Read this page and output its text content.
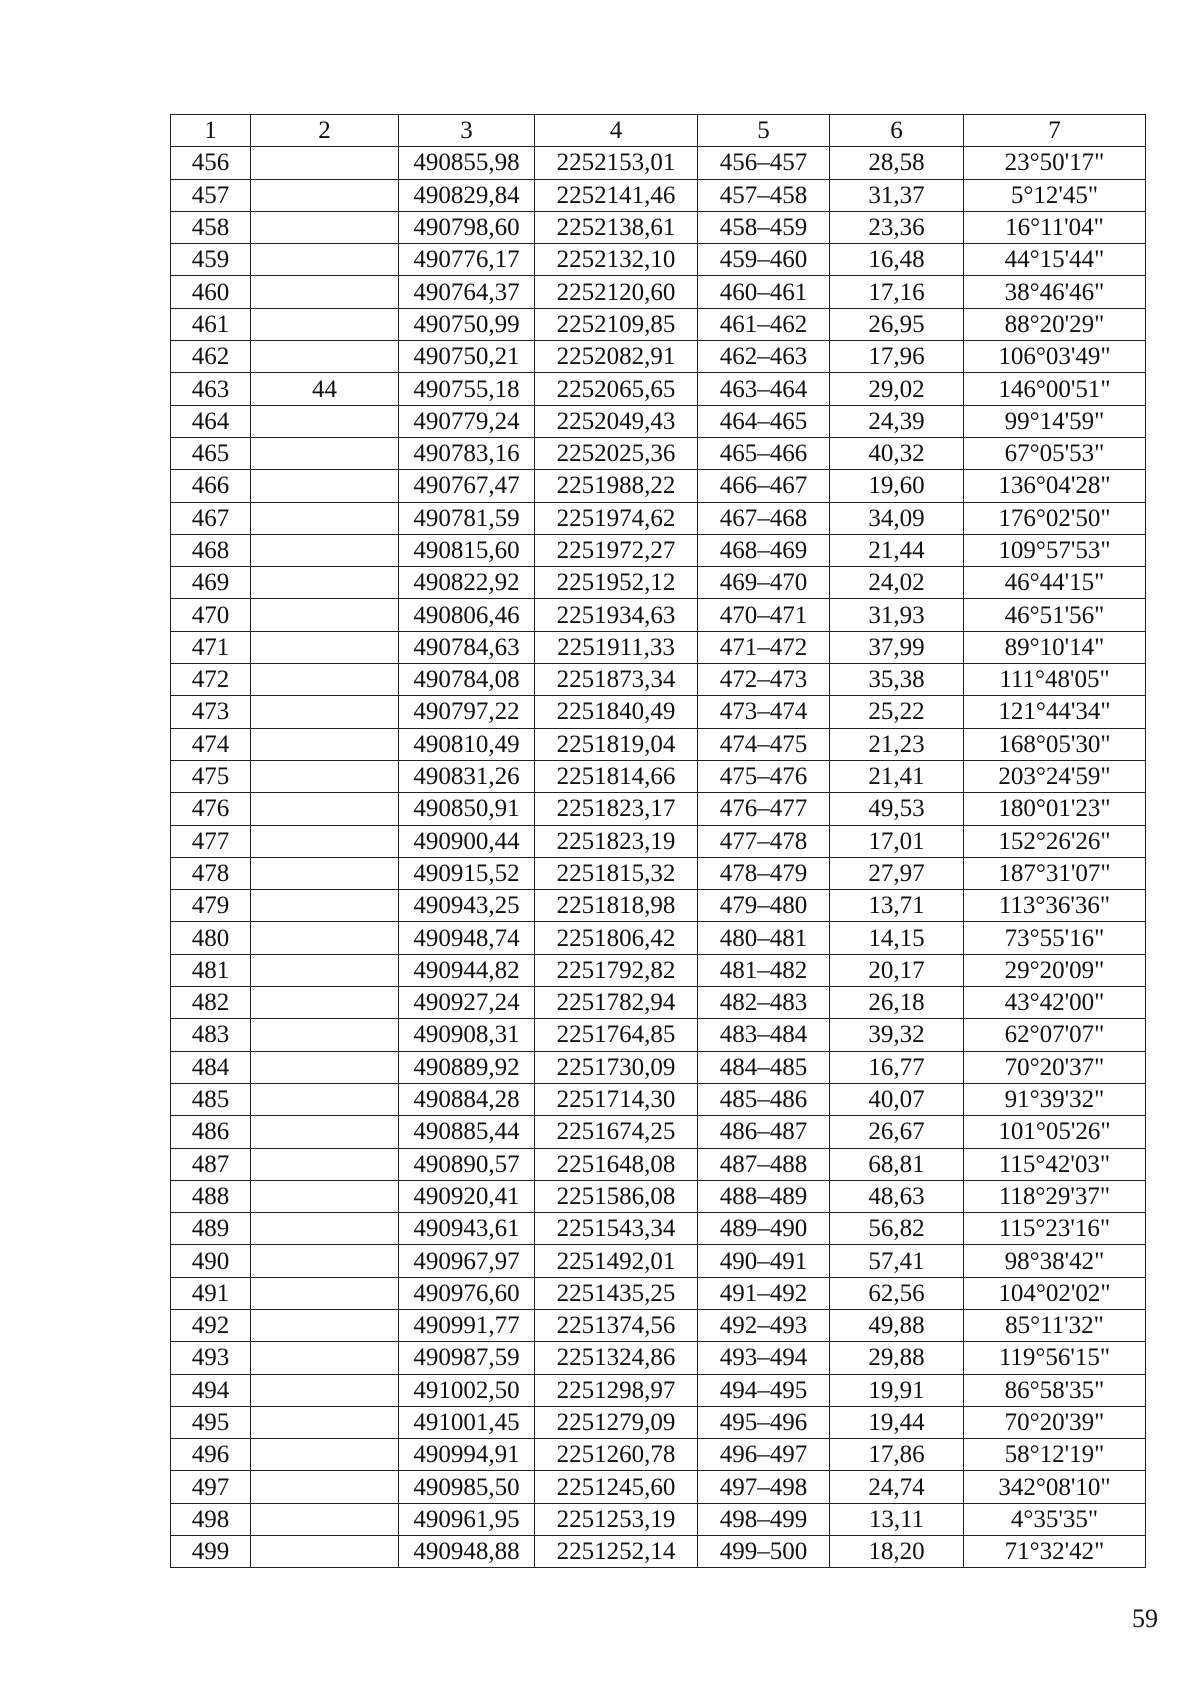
1	2	3	4	5	6	7
456		490855,98	2252153,01	456–457	28,58	23°50'17"
457		490829,84	2252141,46	457–458	31,37	5°12'45"
458		490798,60	2252138,61	458–459	23,36	16°11'04"
459		490776,17	2252132,10	459–460	16,48	44°15'44"
460		490764,37	2252120,60	460–461	17,16	38°46'46"
461		490750,99	2252109,85	461–462	26,95	88°20'29"
462		490750,21	2252082,91	462–463	17,96	106°03'49"
463	44	490755,18	2252065,65	463–464	29,02	146°00'51"
464		490779,24	2252049,43	464–465	24,39	99°14'59"
465		490783,16	2252025,36	465–466	40,32	67°05'53"
466		490767,47	2251988,22	466–467	19,60	136°04'28"
467		490781,59	2251974,62	467–468	34,09	176°02'50"
468		490815,60	2251972,27	468–469	21,44	109°57'53"
469		490822,92	2251952,12	469–470	24,02	46°44'15"
470		490806,46	2251934,63	470–471	31,93	46°51'56"
471		490784,63	2251911,33	471–472	37,99	89°10'14"
472		490784,08	2251873,34	472–473	35,38	111°48'05"
473		490797,22	2251840,49	473–474	25,22	121°44'34"
474		490810,49	2251819,04	474–475	21,23	168°05'30"
475		490831,26	2251814,66	475–476	21,41	203°24'59"
476		490850,91	2251823,17	476–477	49,53	180°01'23"
477		490900,44	2251823,19	477–478	17,01	152°26'26"
478		490915,52	2251815,32	478–479	27,97	187°31'07"
479		490943,25	2251818,98	479–480	13,71	113°36'36"
480		490948,74	2251806,42	480–481	14,15	73°55'16"
481		490944,82	2251792,82	481–482	20,17	29°20'09"
482		490927,24	2251782,94	482–483	26,18	43°42'00"
483		490908,31	2251764,85	483–484	39,32	62°07'07"
484		490889,92	2251730,09	484–485	16,77	70°20'37"
485		490884,28	2251714,30	485–486	40,07	91°39'32"
486		490885,44	2251674,25	486–487	26,67	101°05'26"
487		490890,57	2251648,08	487–488	68,81	115°42'03"
488		490920,41	2251586,08	488–489	48,63	118°29'37"
489		490943,61	2251543,34	489–490	56,82	115°23'16"
490		490967,97	2251492,01	490–491	57,41	98°38'42"
491		490976,60	2251435,25	491–492	62,56	104°02'02"
492		490991,77	2251374,56	492–493	49,88	85°11'32"
493		490987,59	2251324,86	493–494	29,88	119°56'15"
494		491002,50	2251298,97	494–495	19,91	86°58'35"
495		491001,45	2251279,09	495–496	19,44	70°20'39"
496		490994,91	2251260,78	496–497	17,86	58°12'19"
497		490985,50	2251245,60	497–498	24,74	342°08'10"
498		490961,95	2251253,19	498–499	13,11	4°35'35"
499		490948,88	2251252,14	499–500	18,20	71°32'42"
59
